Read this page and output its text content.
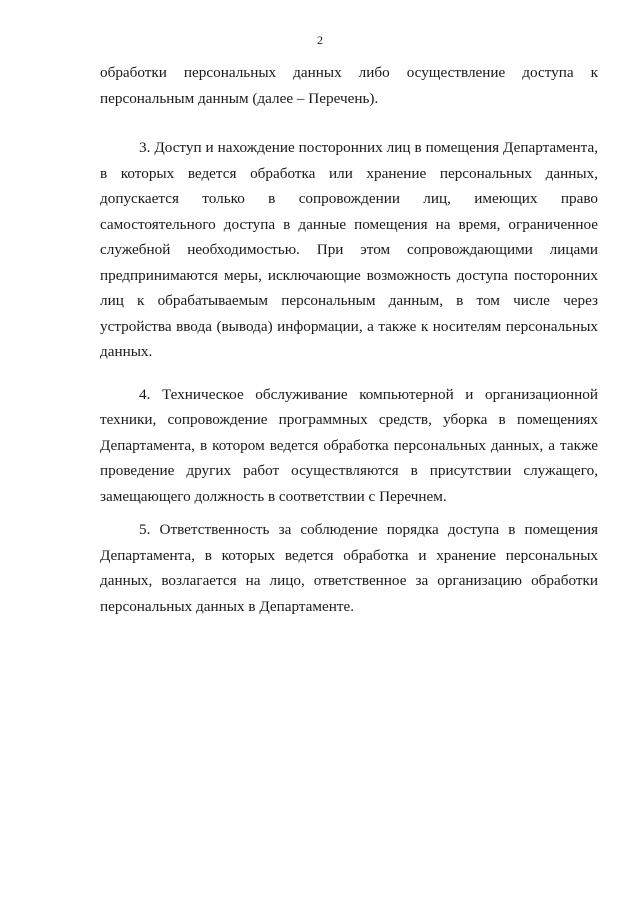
2

обработки персональных данных либо осуществление доступа к персональным данным (далее – Перечень).

3. Доступ и нахождение посторонних лиц в помещения Департамента, в которых ведется обработка или хранение персональных данных, допускается только в сопровождении лиц, имеющих право самостоятельного доступа в данные помещения на время, ограниченное служебной необходимостью. При этом сопровождающими лицами предпринимаются меры, исключающие возможность доступа посторонних лиц к обрабатываемым персональным данным, в том числе через устройства ввода (вывода) информации, а также к носителям персональных данных.

4. Техническое обслуживание компьютерной и организационной техники, сопровождение программных средств, уборка в помещениях Департамента, в котором ведется обработка персональных данных, а также проведение других работ осуществляются в присутствии служащего, замещающего должность в соответствии с Перечнем.

5. Ответственность за соблюдение порядка доступа в помещения Департамента, в которых ведется обработка и хранение персональных данных, возлагается на лицо, ответственное за организацию обработки персональных данных в Департаменте.
